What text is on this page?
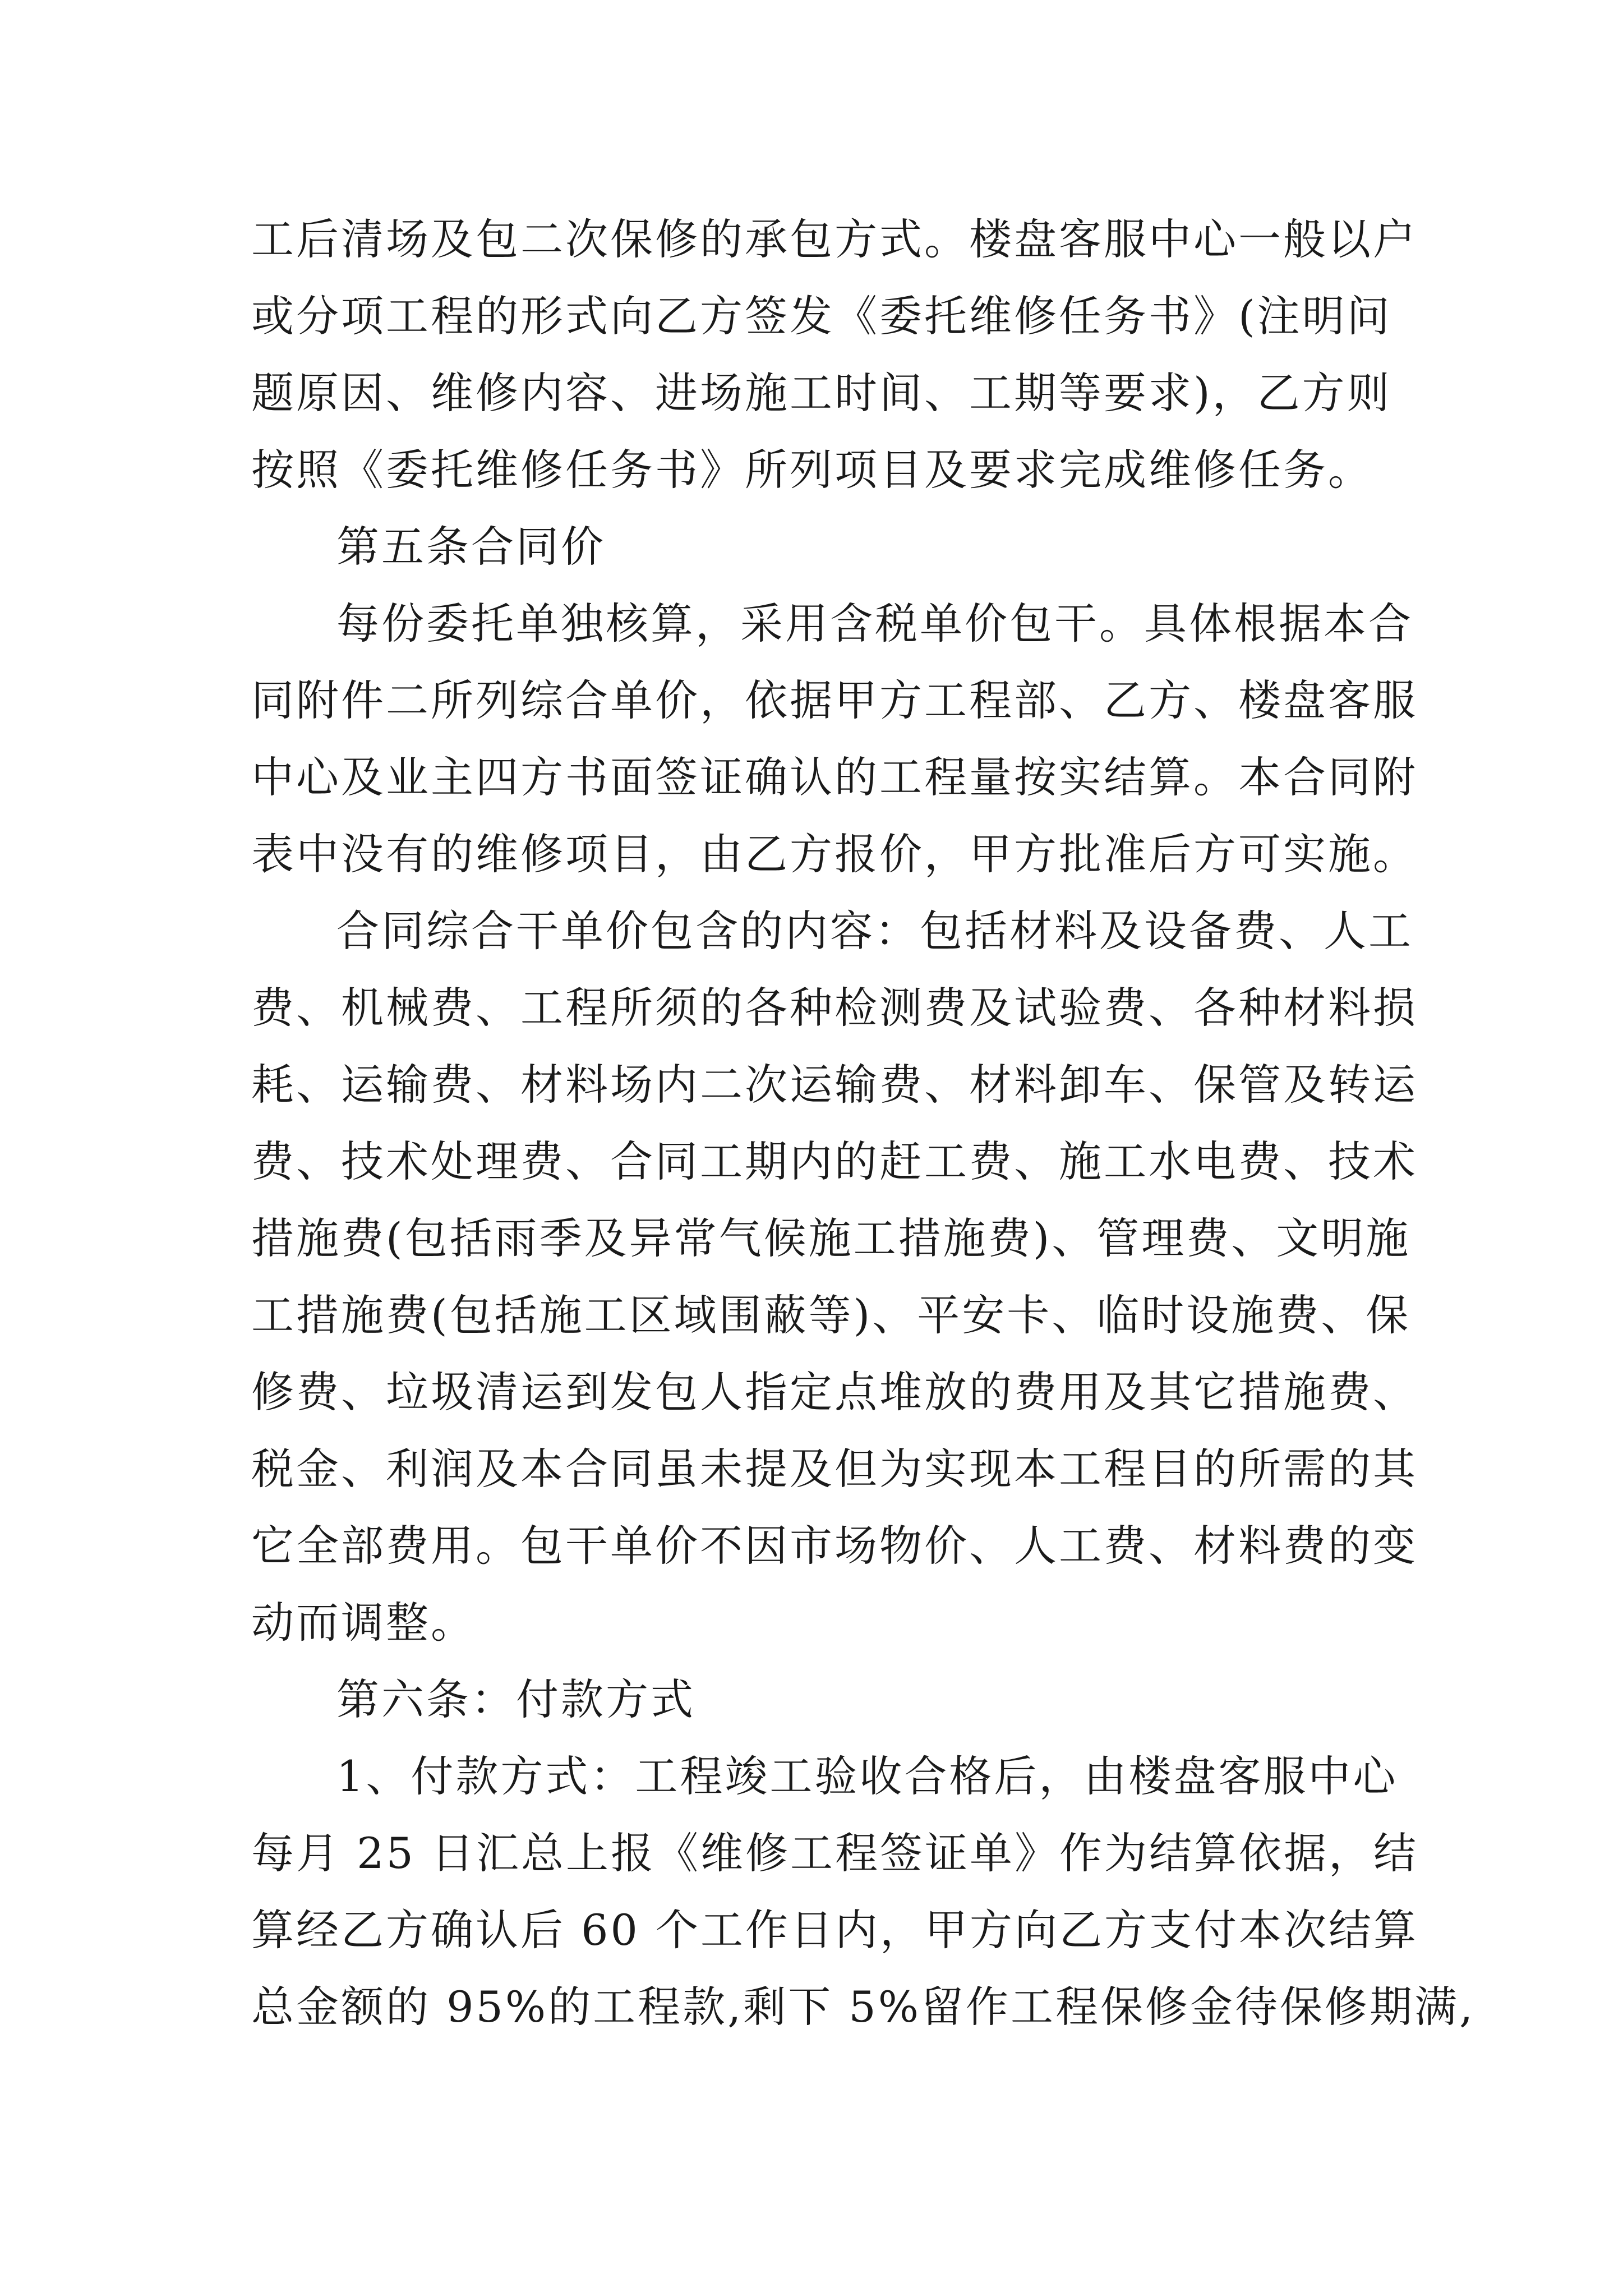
工后清场及包二次保修的承包方式。楼盘客服中心一般以户
或分项工程的形式向乙方签发《委托维修任务书》(注明问
题原因、维修内容、进场施工时间、工期等要求)，乙方则
按照《委托维修任务书》所列项目及要求完成维修任务。
第五条合同价
每份委托单独核算，采用含税单价包干。具体根据本合
同附件二所列综合单价，依据甲方工程部、乙方、楼盘客服
中心及业主四方书面签证确认的工程量按实结算。本合同附
表中没有的维修项目，由乙方报价，甲方批准后方可实施。
合同综合干单价包含的内容：包括材料及设备费、人工
费、机械费、工程所须的各种检测费及试验费、各种材料损
耗、运输费、材料场内二次运输费、材料卸车、保管及转运
费、技术处理费、合同工期内的赶工费、施工水电费、技术
措施费(包括雨季及异常气候施工措施费)、管理费、文明施
工措施费(包括施工区域围蔽等)、平安卡、临时设施费、保
修费、垃圾清运到发包人指定点堆放的费用及其它措施费、
税金、利润及本合同虽未提及但为实现本工程目的所需的其
它全部费用。包干单价不因市场物价、人工费、材料费的变
动而调整。
第六条：付款方式
1、付款方式：工程竣工验收合格后，由楼盘客服中心
每月 25 日汇总上报《维修工程签证单》作为结算依据，结
算经乙方确认后 60 个工作日内，甲方向乙方支付本次结算
总金额的 95%的工程款,剩下 5%留作工程保修金待保修期满,
